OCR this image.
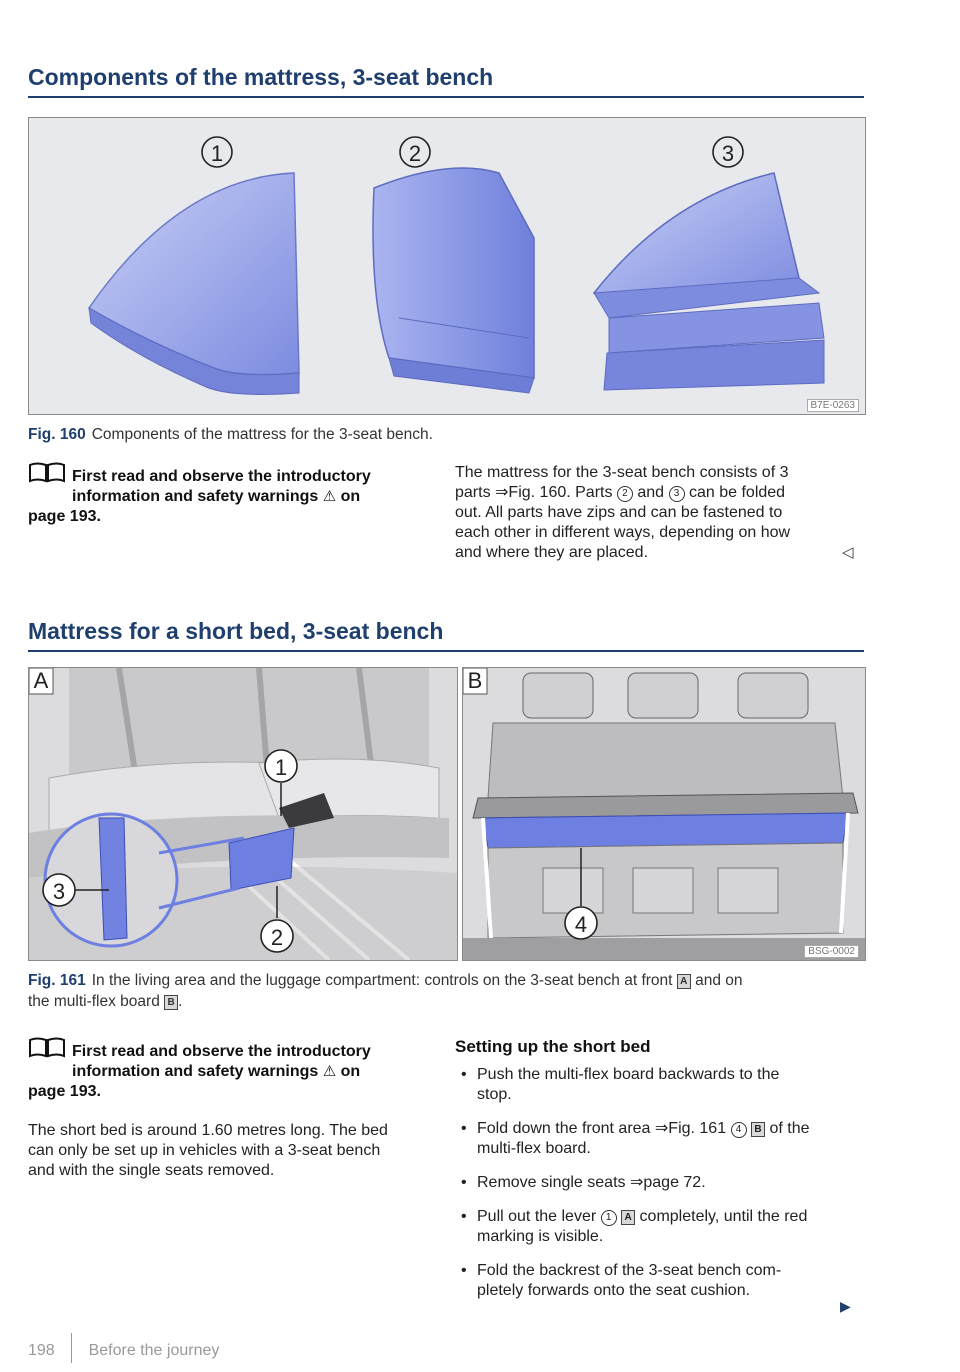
Components of the mattress, 3-seat bench
1	2	3
B7E-0263
Fig. 160 Components of the mattress for the 3-seat bench.
First read and observe the introductory
information and safety warnings ⚠ on
page 193.
The mattress for the 3-seat bench consists of 3
parts ⇒Fig. 160. Parts 2 and 3 can be folded
out. All parts have zips and can be fastened to
each other in different ways, depending on how
and where they are placed.	◁
Mattress for a short bed, 3-seat bench
1
2
3
A
4
B
BSG-0002
Fig. 161 In the living area and the luggage compartment: controls on the 3-seat bench at front A and on
the multi-flex board B .
First read and observe the introductory
information and safety warnings ⚠ on
page 193.
The short bed is around 1.60 metres long. The bed
can only be set up in vehicles with a 3-seat bench
and with the single seats removed.
Setting up the short bed
• Push the multi-flex board backwards to the
stop.
• Fold down the front area ⇒Fig. 161 4 B of the
multi-flex board.
• Remove single seats ⇒page 72.
• Pull out the lever 1 A completely, until the red
marking is visible.
• Fold the backrest of the 3-seat bench com-
pletely forwards onto the seat cushion.
▶
198 Before the journey
